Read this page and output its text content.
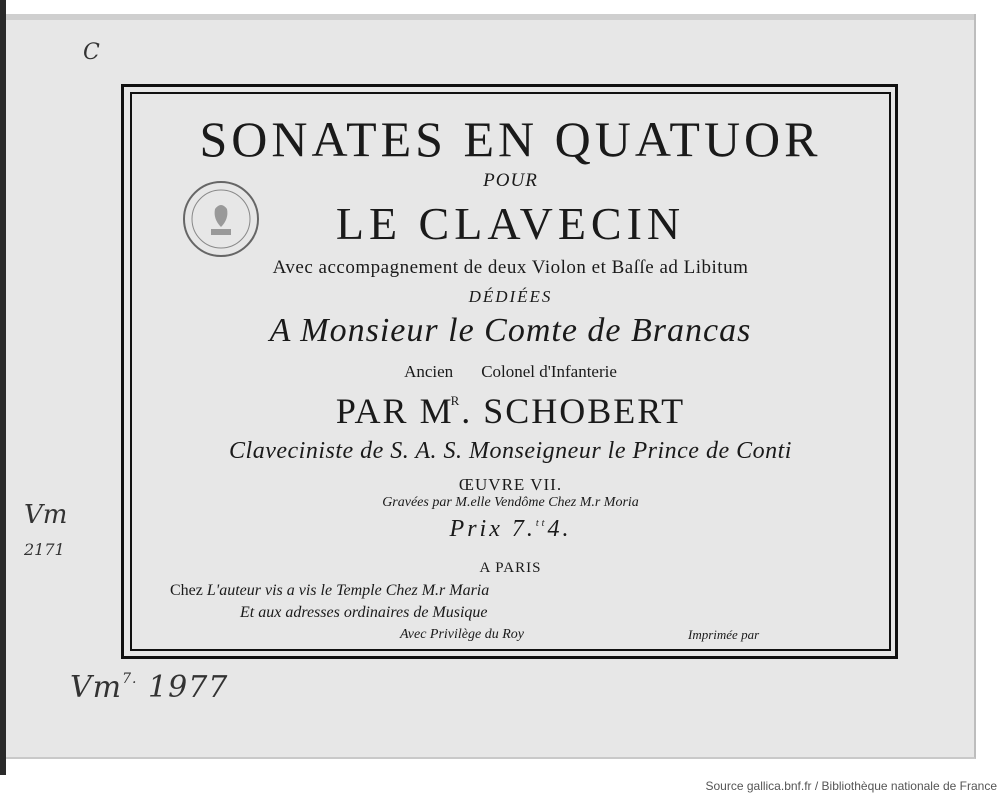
C
Vm
2171
$Vm^{7.}$ 1977
SONATES EN QUATUOR
POUR
LE CLAVECIN
Avec accompagnement de deux Violon et Baſſe ad Libitum
DÉDIÉES
A Monsieur le Comte de Brancas
Ancien Colonel d'Infanterie
PAR $M^R$. SCHOBERT
Claveciniste de S. A. S. Monseigneur le Prince de Conti
ŒUVRE VII.
Gravées par M.elle Vendôme Chez M.r Moria
Prix 7.$^{tt}$4.
A PARIS
Chez L'auteur vis a vis le Temple Chez M.r Maria
Et aux adresses ordinaires de Musique
Avec Privilège du Roy	Imprimée par
Source gallica.bnf.fr / Bibliothèque nationale de France
